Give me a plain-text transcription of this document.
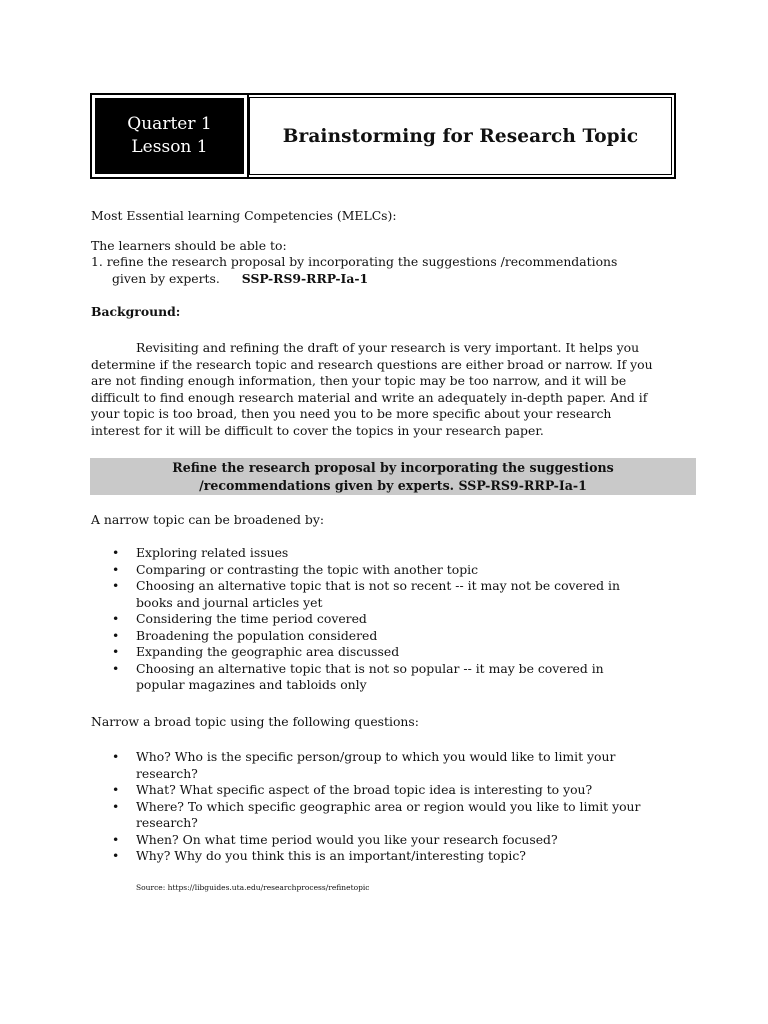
Quarter 1
Lesson 1
Brainstorming for Research Topic
Most Essential learning Competencies (MELCs):
The learners should be able to:
1. refine the research proposal by incorporating the suggestions /recommendations
given by experts. SSP-RS9-RRP-Ia-1
Background:
Revisiting and refining the draft of your research is very important. It helps you
determine if the research topic and research questions are either broad or narrow. If you
are not finding enough information, then your topic may be too narrow, and it will be
difficult to find enough research material and write an adequately in-depth paper. And if
your topic is too broad, then you need you to be more specific about your research
interest for it will be difficult to cover the topics in your research paper.
Refine the research proposal by incorporating the suggestions
/recommendations given by experts. SSP-RS9-RRP-Ia-1
A narrow topic can be broadened by:
• Exploring related issues
• Comparing or contrasting the topic with another topic
• Choosing an alternative topic that is not so recent -- it may not be covered in
books and journal articles yet
• Considering the time period covered
• Broadening the population considered
• Expanding the geographic area discussed
• Choosing an alternative topic that is not so popular -- it may be covered in
popular magazines and tabloids only
Narrow a broad topic using the following questions:
• Who? Who is the specific person/group to which you would like to limit your
research?
• What? What specific aspect of the broad topic idea is interesting to you?
• Where? To which specific geographic area or region would you like to limit your
research?
• When? On what time period would you like your research focused?
• Why? Why do you think this is an important/interesting topic?
Source: https://libguides.uta.edu/researchprocess/refinetopic
